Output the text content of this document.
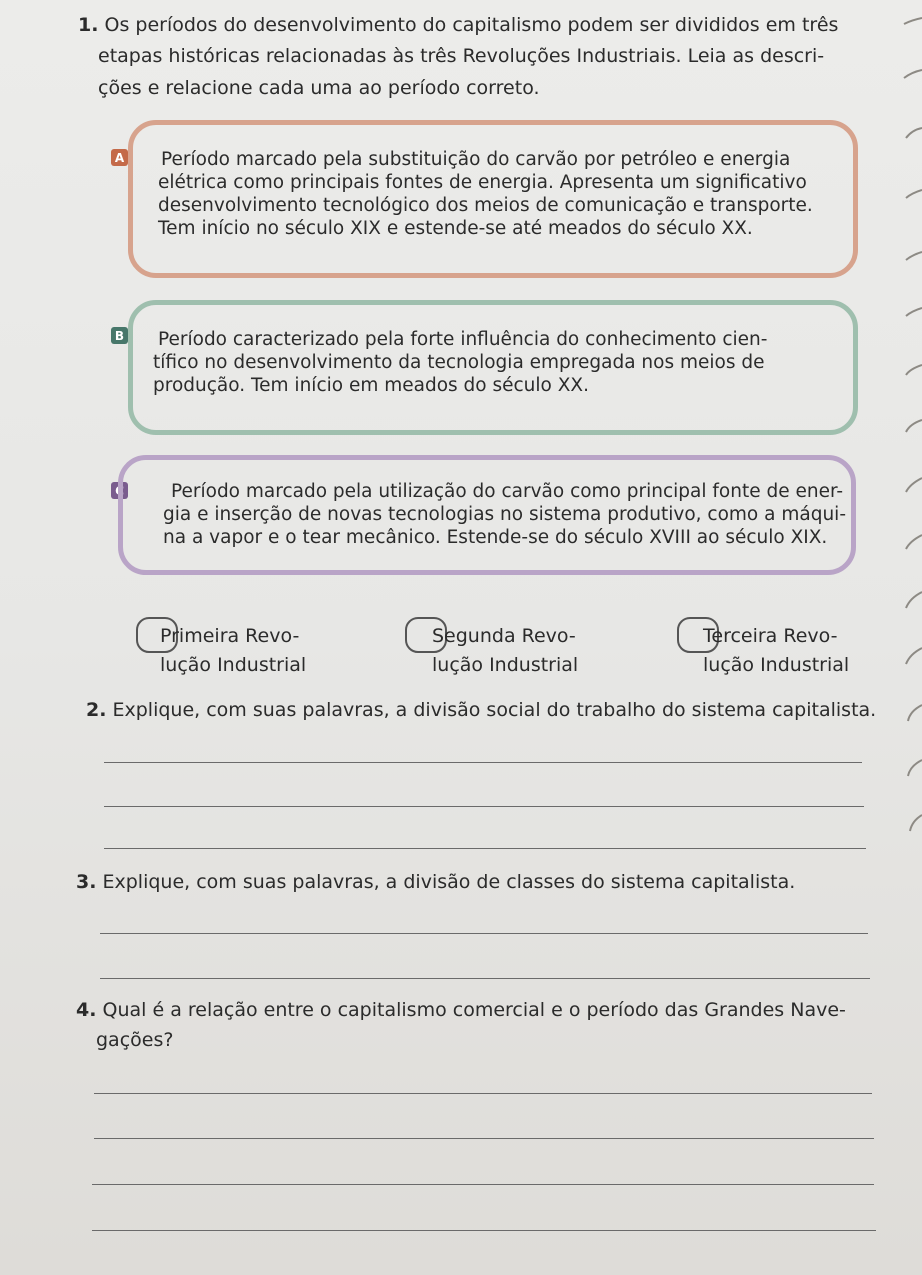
1. Os períodos do desenvolvimento do capitalismo podem ser divididos em três
etapas históricas relacionadas às três Revoluções Industriais. Leia as descri-
ções e relacione cada uma ao período correto.
A Período marcado pela substituição do carvão por petróleo e energia

elétrica como principais fontes de energia. Apresenta um significativo

desenvolvimento tecnológico dos meios de comunicação e transporte.

Tem início no século XIX e estende-se até meados do século XX.

B Período caracterizado pela forte influência do conhecimento cien-

tífico no desenvolvimento da tecnologia empregada nos meios de

produção. Tem início em meados do século XX.

C	Período marcado pela utilização do carvão como principal fonte de ener-

gia e inserção de novas tecnologias no sistema produtivo, como a máqui-

na a vapor e o tear mecânico. Estende-se do século XVIII ao século XIX.

Primeira Revo-
lução Industrial
Segunda Revo-
lução Industrial
Terceira Revo-
lução Industrial
2. Explique, com suas palavras, a divisão social do trabalho do sistema capitalista.
3. Explique, com suas palavras, a divisão de classes do sistema capitalista.
4. Qual é a relação entre o capitalismo comercial e o período das Grandes Nave-
gações?
